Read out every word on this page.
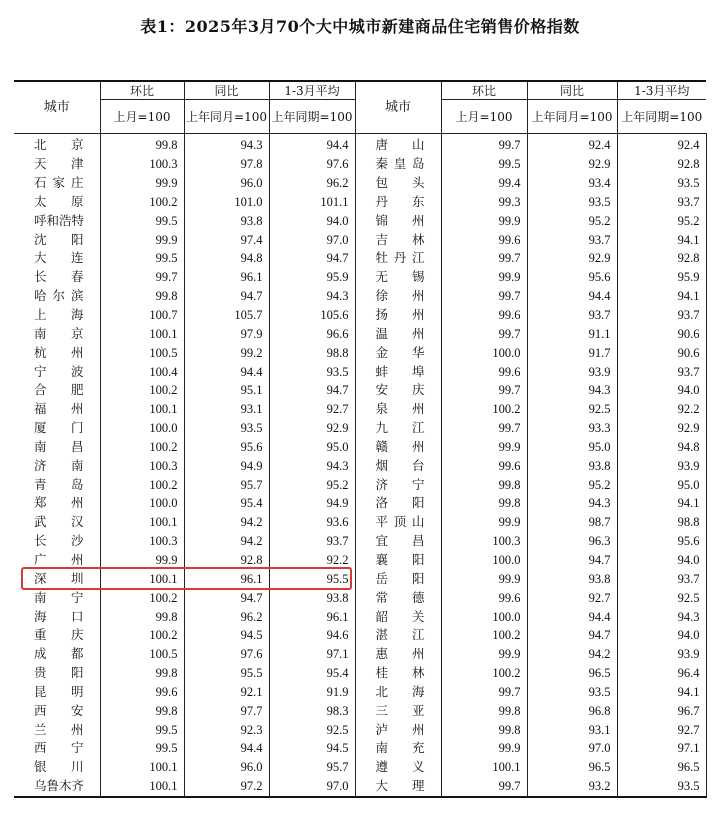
表1：2025年3月70个大中城市新建商品住宅销售价格指数
城市	环比	同比	1-3月平均	城市	环比	同比	1-3月平均
	上月=100	上年同月=100	上年同期=100		上月=100	上年同月=100	上年同期=100
北　京	99.8	94.3	94.4	唐　山	99.7	92.4	92.4
天　津	100.3	97.8	97.6	秦皇岛	99.5	92.9	92.8
石家庄	99.9	96.0	96.2	包　头	99.4	93.4	93.5
太　原	100.2	101.0	101.1	丹　东	99.3	93.5	93.7
呼和浩特	99.5	93.8	94.0	锦　州	99.9	95.2	95.2
沈　阳	99.9	97.4	97.0	吉　林	99.6	93.7	94.1
大　连	99.5	94.8	94.7	牡丹江	99.7	92.9	92.8
长　春	99.7	96.1	95.9	无　锡	99.9	95.6	95.9
哈尔滨	99.8	94.7	94.3	徐　州	99.7	94.4	94.1
上　海	100.7	105.7	105.6	扬　州	99.6	93.7	93.7
南　京	100.1	97.9	96.6	温　州	99.7	91.1	90.6
杭　州	100.5	99.2	98.8	金　华	100.0	91.7	90.6
宁　波	100.4	94.4	93.5	蚌　埠	99.6	93.9	93.7
合　肥	100.2	95.1	94.7	安　庆	99.7	94.3	94.0
福　州	100.1	93.1	92.7	泉　州	100.2	92.5	92.2
厦　门	100.0	93.5	92.9	九　江	99.7	93.3	92.9
南　昌	100.2	95.6	95.0	赣　州	99.9	95.0	94.8
济　南	100.3	94.9	94.3	烟　台	99.6	93.8	93.9
青　岛	100.2	95.7	95.2	济　宁	99.8	95.2	95.0
郑　州	100.0	95.4	94.9	洛　阳	99.8	94.3	94.1
武　汉	100.1	94.2	93.6	平顶山	99.9	98.7	98.8
长　沙	100.3	94.2	93.7	宜　昌	100.3	96.3	95.6
广　州	99.9	92.8	92.2	襄　阳	100.0	94.7	94.0
深　圳	100.1	96.1	95.5	岳　阳	99.9	93.8	93.7
南　宁	100.2	94.7	93.8	常　德	99.6	92.7	92.5
海　口	99.8	96.2	96.1	韶　关	100.0	94.4	94.3
重　庆	100.2	94.5	94.6	湛　江	100.2	94.7	94.0
成　都	100.5	97.6	97.1	惠　州	99.9	94.2	93.9
贵　阳	99.8	95.5	95.4	桂　林	100.2	96.5	96.4
昆　明	99.6	92.1	91.9	北　海	99.7	93.5	94.1
西　安	99.8	97.7	98.3	三　亚	99.8	96.8	96.7
兰　州	99.5	92.3	92.5	泸　州	99.8	93.1	92.7
西　宁	99.5	94.4	94.5	南　充	99.9	97.0	97.1
银　川	100.1	96.0	95.7	遵　义	100.1	96.5	96.5
乌鲁木齐	100.1	97.2	97.0	大　理	99.7	93.2	93.5
